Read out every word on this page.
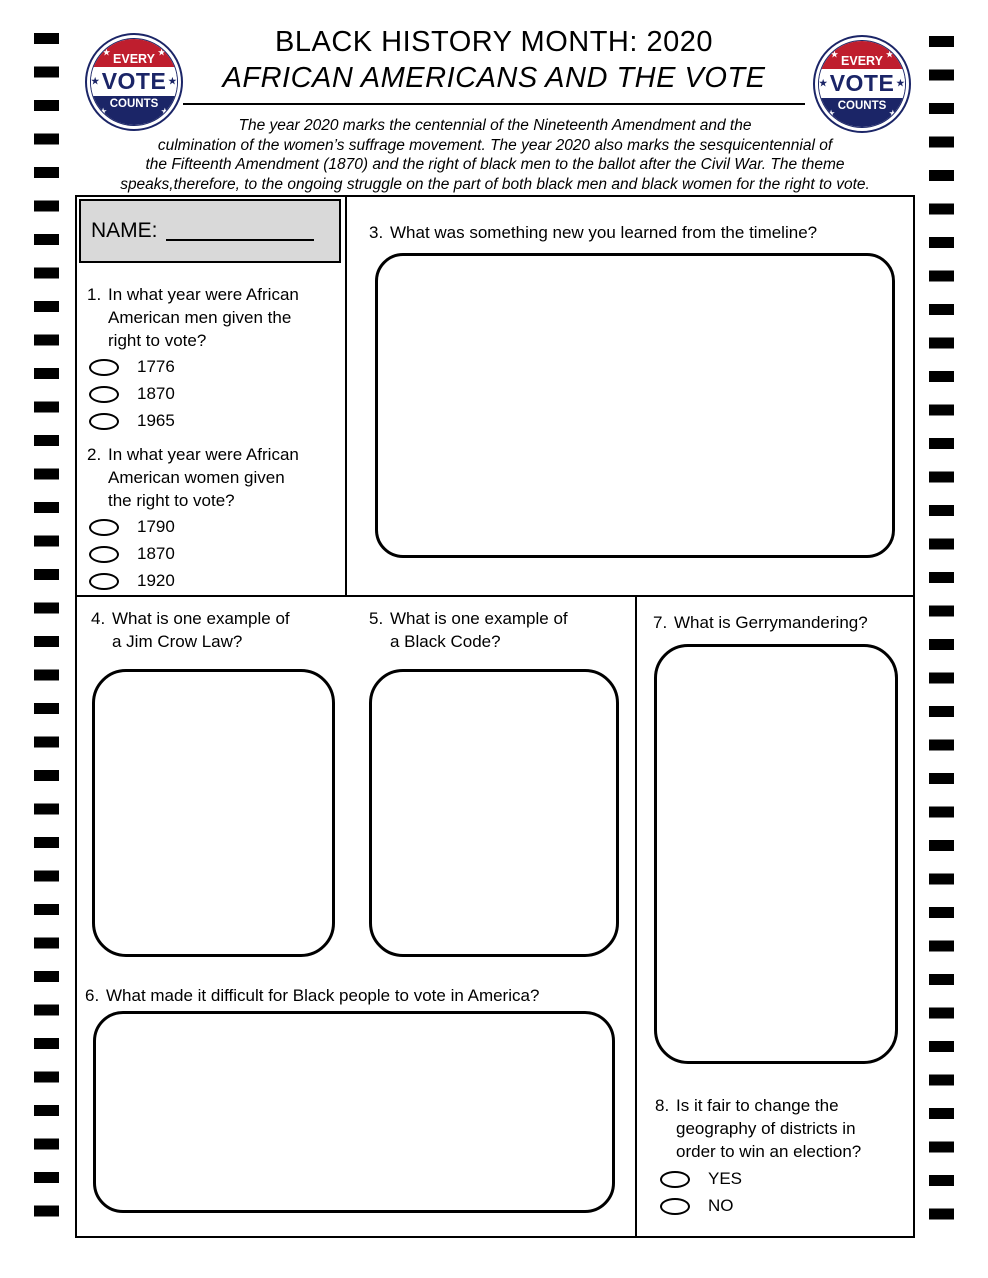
★ EVERY ★
★ VOTE ★
★
COUNTS
★
★ EVERY ★
★ VOTE ★
★
COUNTS
★
BLACK HISTORY MONTH: 2020
AFRICAN AMERICANS AND THE VOTE
The year 2020 marks the centennial of the Nineteenth Amendment and the
culmination of the women’s suffrage movement. The year 2020 also marks the sesquicentennial of
the Fifteenth Amendment (1870) and the right of black men to the ballot after the Civil War. The theme
speaks,therefore, to the ongoing struggle on the part of both black men and black women for the right to vote.
NAME:
1. In what year were African American men given the right to vote?
1776
1870
1965
2. In what year were African American women given the right to vote?
1790
1870
1920
3. What was something new you learned from the timeline?
4. What is one example of a Jim Crow Law?
5. What is one example of a Black Code?
6. What made it difficult for Black people to vote in America?
7. What is Gerrymandering?
8. Is it fair to change the geography of districts in order to win an election?
YES
NO
